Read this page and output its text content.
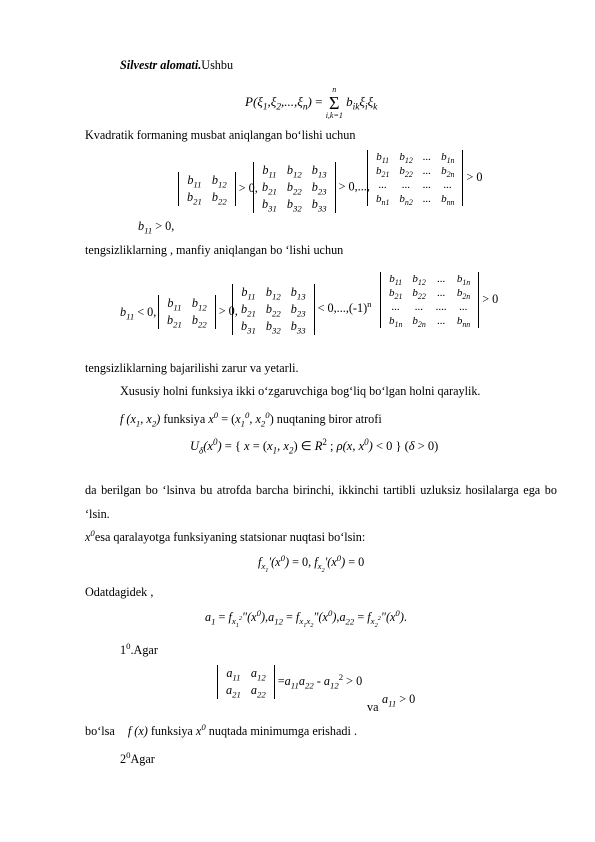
Silvestr alomati.Ushbu
$P(\xi_1,\xi_2,...,\xi_n)$ =
n
Σ
i,k=1
$b_{ik}\xi_i\xi_k$
Kvadratik formaning musbat aniqlangan bo‘lishi uchun
$b_{11} > 0$,
$b_{11}$	$b_{12}$
$b_{21}$	$b_{22}$
> 0,
$b_{11}$	$b_{12}$	$b_{13}$
$b_{21}$	$b_{22}$	$b_{23}$
$b_{31}$	$b_{32}$	$b_{33}$
> 0,...,
$b_{11}$	$b_{12}$	...	$b_{1n}$
$b_{21}$	$b_{22}$	...	$b_{2n}$
...	...	...	...
$b_{n1}$	$b_{n2}$	...	$b_{nn}$
> 0
tengsizliklarning , manfiy aniqlangan bo ‘lishi uchun
$b_{11} < 0$,
$b_{11}$	$b_{12}$
$b_{21}$	$b_{22}$
> 0,
$b_{11}$	$b_{12}$	$b_{13}$
$b_{21}$	$b_{22}$	$b_{23}$
$b_{31}$	$b_{32}$	$b_{33}$
< $0,...,(-1)^n$
$b_{11}$	$b_{12}$	...	$b_{1n}$
$b_{21}$	$b_{22}$	...	$b_{2n}$
...	...	....	...
$b_{1n}$	$b_{2n}$	...	$b_{nn}$
> 0
tengsizliklarning bajarilishi zarur va yetarli.
Xususiy holni funksiya ikki o‘zgaruvchiga bog‘liq bo‘lgan holni qaraylik.
f ($x_1$, $x_2$) funksiya $x^0 = (x_1^0$, $x_2^0$) nuqtaning biror atrofi
$U_\delta(x^0)$ = { $x = (x_1$, $x_2$) ∈ $R^2$ ; ρ(x, $x^0) < 0$ } (δ > 0)
da berilgan bo ‘lsinva bu atrofda barcha birinchi, ikkinchi tartibli uzluksiz hosilalarga ega bo ‘lsin.
$x^0esa$ qaralayotga funksiyaning statsionar nuqtasi bo‘lsin:
$f_{x_1}'(x^0) = 0$, $f_{x_2}'(x^0) = 0$
Odatdagidek ,
$a_1 = f_{x_1^2}''(x^0),a_{12} = f_{x_1x_2}''(x^0),a_{22} = f_{x_2^2}''(x^0)$.
$1^0.Agar$
$a_{11}$	$a_{12}$
$a_{21}$	$a_{22}$
$=a_{11}a_{22} - a_{12}^2 > 0$
va
$a_{11} > 0$
bo‘lsa f (x) funksiya $x^0$ nuqtada minimumga erishadi .
$2^0Agar$
